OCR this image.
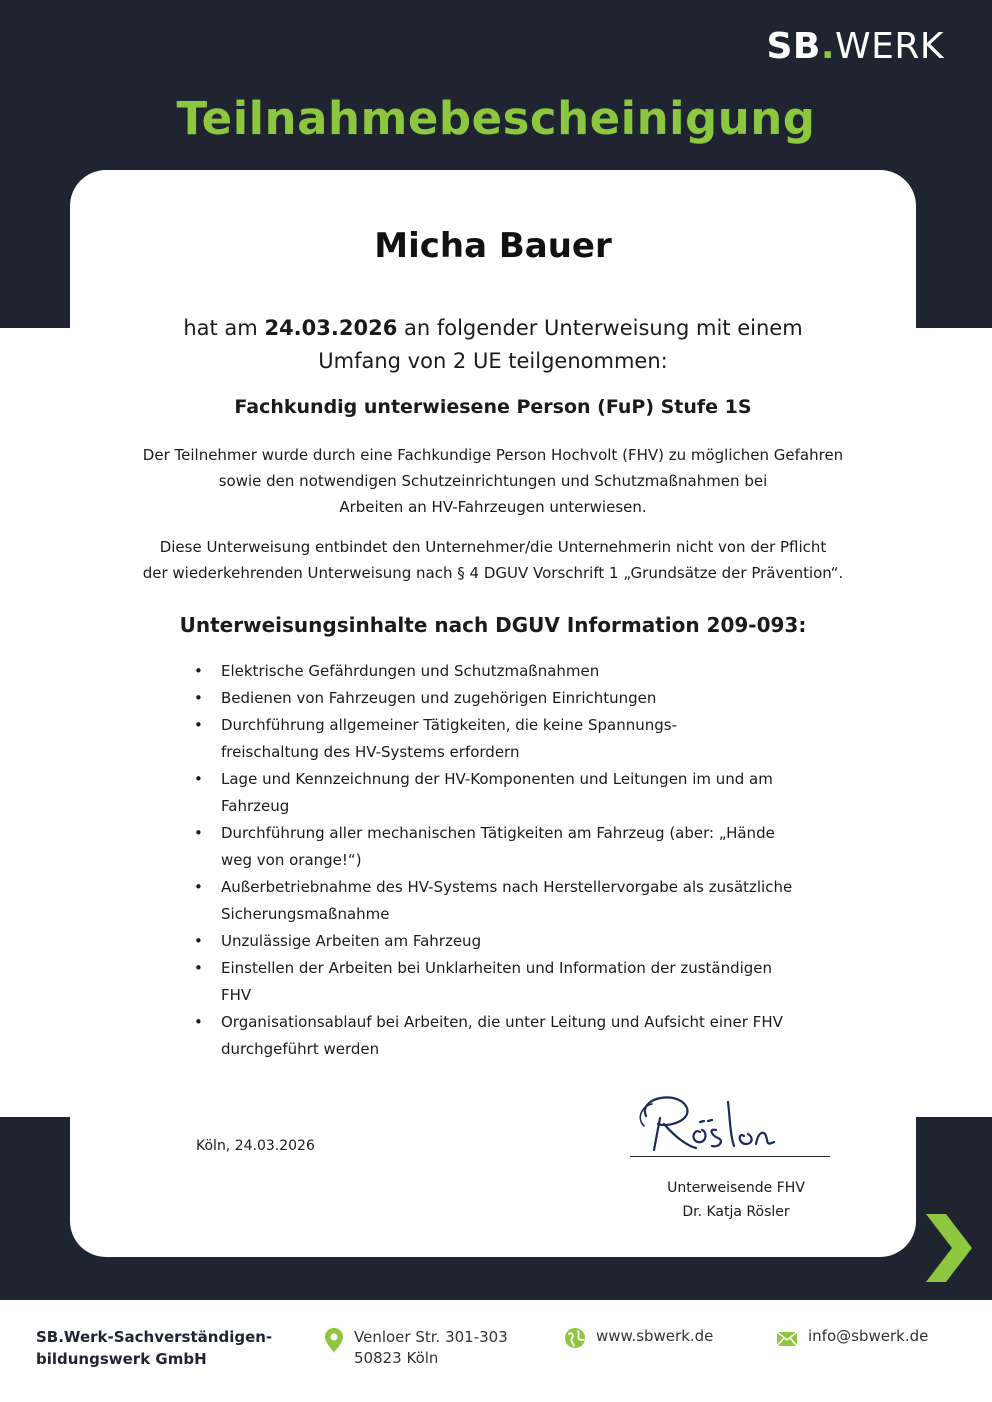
SB.WERK
Teilnahmebescheinigung
Micha Bauer
hat am 24.03.2026 an folgender Unterweisung mit einem
Umfang von 2 UE teilgenommen:
Fachkundig unterwiesene Person (FuP) Stufe 1S
Der Teilnehmer wurde durch eine Fachkundige Person Hochvolt (FHV) zu möglichen Gefahren
sowie den notwendigen Schutzeinrichtungen und Schutzmaßnahmen bei
Arbeiten an HV-Fahrzeugen unterwiesen.
Diese Unterweisung entbindet den Unternehmer/die Unternehmerin nicht von der Pflicht
der wiederkehrenden Unterweisung nach § 4 DGUV Vorschrift 1 „Grundsätze der Prävention“.
Unterweisungsinhalte nach DGUV Information 209-093:
• Elektrische Gefährdungen und Schutzmaßnahmen
• Bedienen von Fahrzeugen und zugehörigen Einrichtungen
• Durchführung allgemeiner Tätigkeiten, die keine Spannungs-
freischaltung des HV-Systems erfordern
• Lage und Kennzeichnung der HV-Komponenten und Leitungen im und am
Fahrzeug
• Durchführung aller mechanischen Tätigkeiten am Fahrzeug (aber: „Hände
weg von orange!“)
• Außerbetriebnahme des HV-Systems nach Herstellervorgabe als zusätzliche
Sicherungsmaßnahme
• Unzulässige Arbeiten am Fahrzeug
• Einstellen der Arbeiten bei Unklarheiten und Information der zuständigen
FHV
• Organisationsablauf bei Arbeiten, die unter Leitung und Aufsicht einer FHV
durchgeführt werden
Köln, 24.03.2026
Unterweisende FHV
Dr. Katja Rösler
SB.Werk-Sachverständigen-
bildungswerk GmbH
Venloer Str. 301-303
50823 Köln
www.sbwerk.de	info@sbwerk.de
